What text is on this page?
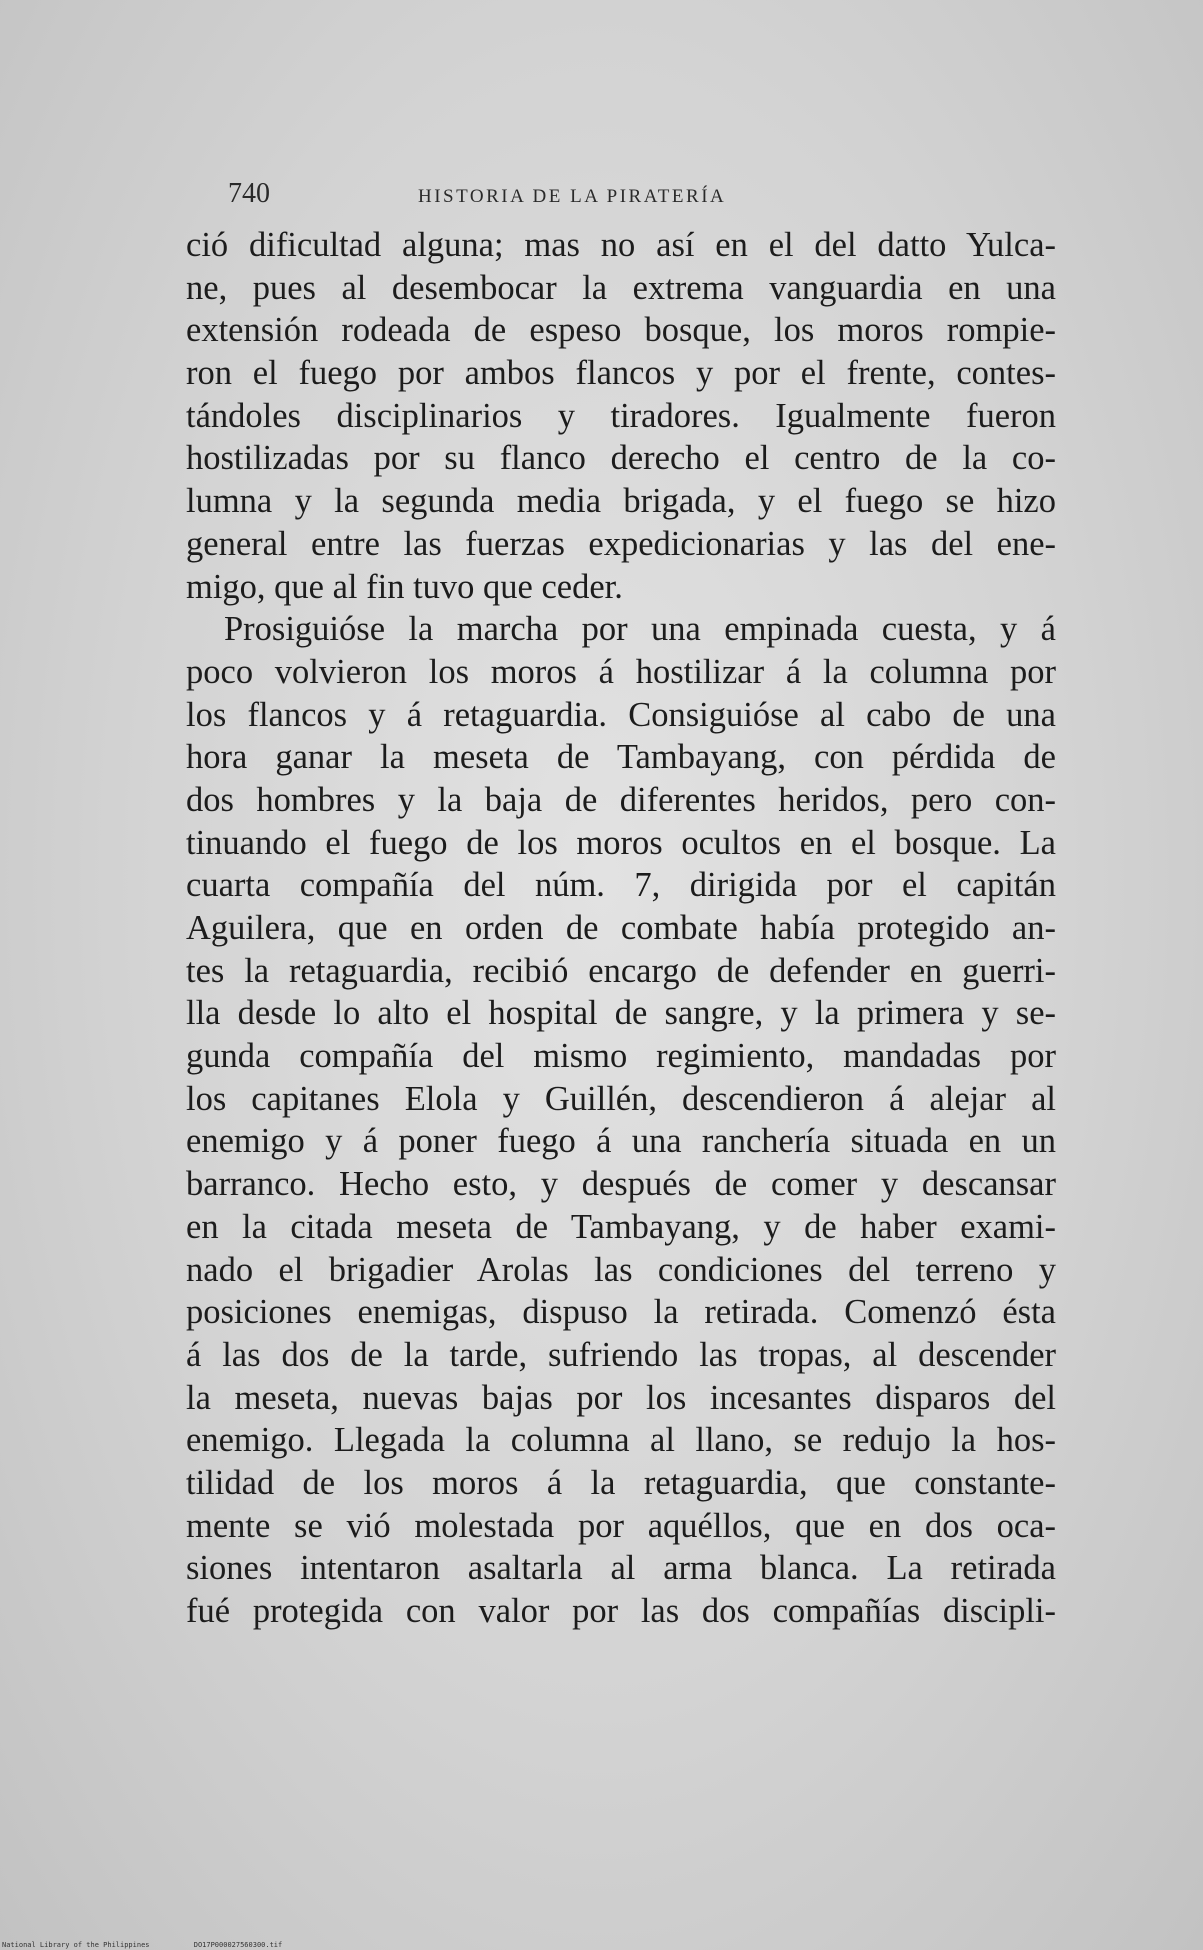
740	HISTORIA DE LA PIRATERÍA
ció dificultad alguna; mas no así en el del datto Yulca-
ne, pues al desembocar la extrema vanguardia en una
extensión rodeada de espeso bosque, los moros rompie-
ron el fuego por ambos flancos y por el frente, contes-
tándoles disciplinarios y tiradores. Igualmente fueron
hostilizadas por su flanco derecho el centro de la co-
lumna y la segunda media brigada, y el fuego se hizo
general entre las fuerzas expedicionarias y las del ene-
migo, que al fin tuvo que ceder.
Prosiguióse la marcha por una empinada cuesta, y á
poco volvieron los moros á hostilizar á la columna por
los flancos y á retaguardia. Consiguióse al cabo de una
hora ganar la meseta de Tambayang, con pérdida de
dos hombres y la baja de diferentes heridos, pero con-
tinuando el fuego de los moros ocultos en el bosque. La
cuarta compañía del núm. 7, dirigida por el capitán
Aguilera, que en orden de combate había protegido an-
tes la retaguardia, recibió encargo de defender en guerri-
lla desde lo alto el hospital de sangre, y la primera y se-
gunda compañía del mismo regimiento, mandadas por
los capitanes Elola y Guillén, descendieron á alejar al
enemigo y á poner fuego á una ranchería situada en un
barranco. Hecho esto, y después de comer y descansar
en la citada meseta de Tambayang, y de haber exami-
nado el brigadier Arolas las condiciones del terreno y
posiciones enemigas, dispuso la retirada. Comenzó ésta
á las dos de la tarde, sufriendo las tropas, al descender
la meseta, nuevas bajas por los incesantes disparos del
enemigo. Llegada la columna al llano, se redujo la hos-
tilidad de los moros á la retaguardia, que constante-
mente se vió molestada por aquéllos, que en dos oca-
siones intentaron asaltarla al arma blanca. La retirada
fué protegida con valor por las dos compañías discipli-
National Library of the Philippines	DO17P000027560300.tif
